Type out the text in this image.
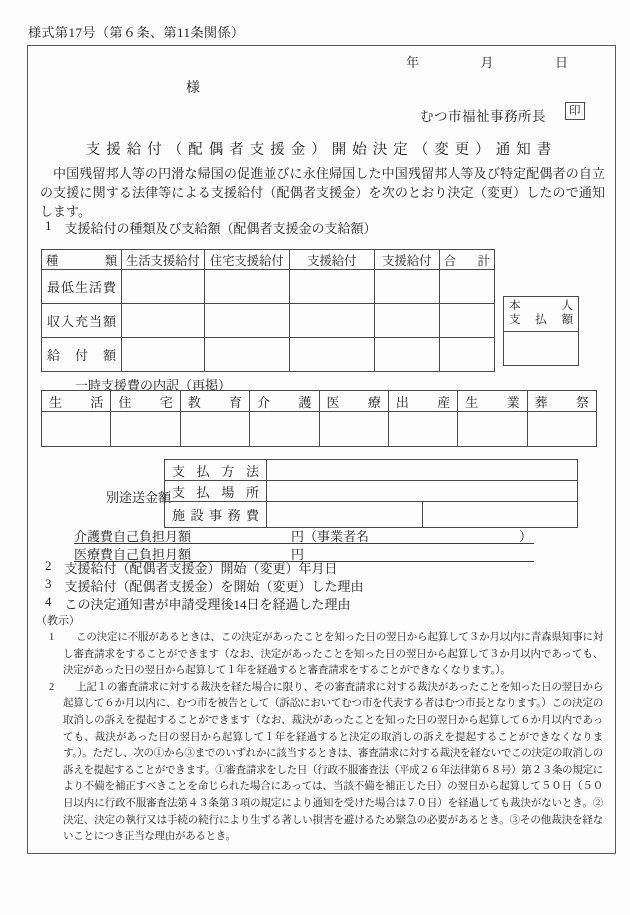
様式第17号（第６条、第11条関係）
年	月	日
様
むつ市福祉事務所長	印
支援給付（配偶者支援金）開始決定（変更）通知書
中国残留邦人等の円滑な帰国の促進並びに永住帰国した中国残留邦人等及び特定配偶者の自立の支援に関する法律等による支援給付（配偶者支援金）を次のとおり決定（変更）したので通知します。
1 支援給付の種類及び支給額（配偶者支援金の支給額）
種類	生活支援給付	住宅支援給付	支援給付	支援給付	合計
最低生活費					
収入充当額					
給付額					
本人
支払額
一時支援費の内訳（再掲）
生活	住宅	教育	介護	医療	出産	生業	葬祭

別途送金額
支払方法		
支払場所		
施設事務費		
介護費自己負担月額	円（事業者名	）
医療費自己負担月額	円
2 支援給付（配偶者支援金）開始（変更）年月日
3 支援給付（配偶者支援金）を開始（変更）した理由
4 この決定通知書が申請受理後14日を経過した理由
（教示）
1	この決定に不服があるときは、この決定があったことを知った日の翌日から起算して３か月以内に青森県知事に対し審査請求をすることができます（なお、決定があったことを知った日の翌日から起算して３か月以内であっても、決定があった日の翌日から起算して１年を経過すると審査請求をすることができなくなります。）。
2	上記１の審査請求に対する裁決を経た場合に限り、その審査請求に対する裁決があったことを知った日の翌日から起算して６か月以内に、むつ市を被告として（訴訟においてむつ市を代表する者はむつ市長となります。）この決定の取消しの訴えを提起することができます（なお、裁決があったことを知った日の翌日から起算して６か月以内であっても、裁決があった日の翌日から起算して１年を経過すると決定の取消しの訴えを提起することができなくなります。）。ただし、次の①から③までのいずれかに該当するときは、審査請求に対する裁決を経ないでこの決定の取消しの訴えを提起することができます。①審査請求をした日（行政不服審査法（平成２６年法律第６８号）第２３条の規定により不備を補正すべきことを命じられた場合にあっては、当該不備を補正した日）の翌日から起算して５０日（５０日以内に行政不服審査法第４３条第３項の規定により通知を受けた場合は７０日）を経過しても裁決がないとき。②決定、決定の執行又は手続の続行により生ずる著しい損害を避けるため緊急の必要があるとき。③その他裁決を経ないことにつき正当な理由があるとき。
